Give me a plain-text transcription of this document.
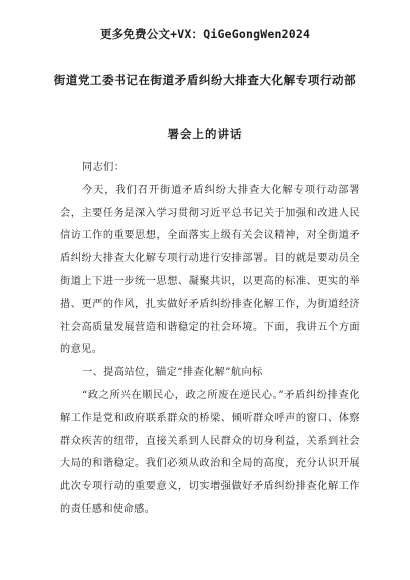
更多免费公文+VX：QiGeGongWen2024
街道党工委书记在街道矛盾纠纷大排查大化解专项行动部
署会上的讲话

同志们：

今天，我们召开街道矛盾纠纷大排查大化解专项行动部署会，主要任务是深入学习贯彻习近平总书记关于加强和改进人民信访工作的重要思想，全面落实上级有关会议精神，对全街道矛盾纠纷大排查大化解专项行动进行安排部署。目的就是要动员全街道上下进一步统一思想、凝聚共识，以更高的标准、更实的举措、更严的作风，扎实做好矛盾纠纷排查化解工作，为街道经济社会高质量发展营造和谐稳定的社会环境。下面，我讲五个方面的意见。

一、提高站位，锚定“排查化解”航向标

“政之所兴在顺民心，政之所废在逆民心。”矛盾纠纷排查化解工作是党和政府联系群众的桥梁、倾听群众呼声的窗口、体察群众疾苦的纽带，直接关系到人民群众的切身利益，关系到社会大局的和谐稳定。我们必须从政治和全局的高度，充分认识开展此次专项行动的重要意义，切实增强做好矛盾纠纷排查化解工作的责任感和使命感。
